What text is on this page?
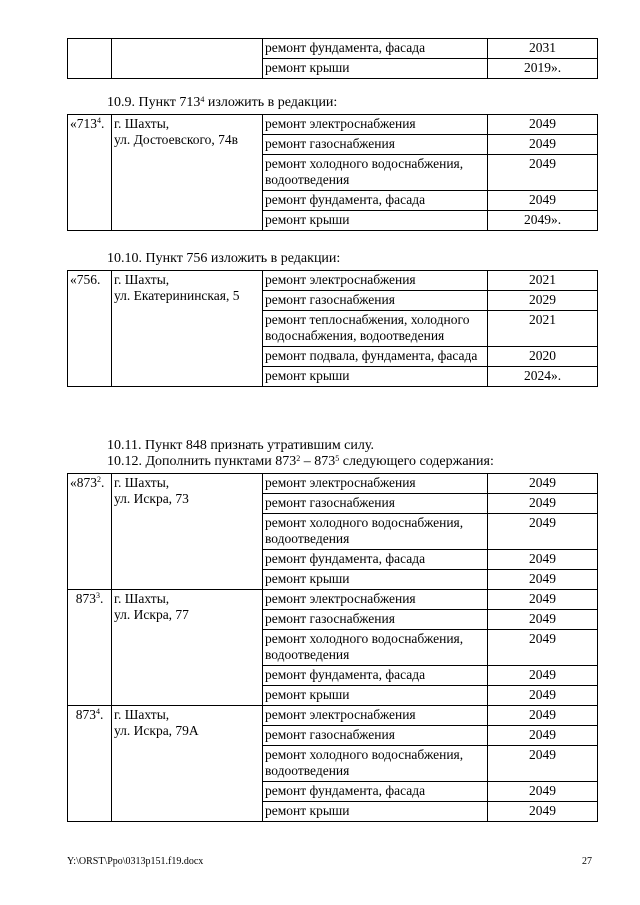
		ремонт фундамента, фасада	2031
		ремонт крыши	2019».
10.9. Пункт $713^4$ изложить в редакции:
«$713^4$.	г. Шахты,
ул. Достоевского, 74в	ремонт электроснабжения	2049
		ремонт газоснабжения	2049
		ремонт холодного водоснабжения, водоотведения	2049
		ремонт фундамента, фасада	2049
		ремонт крыши	2049».
10.10. Пункт 756 изложить в редакции:
«756.	г. Шахты,
ул. Екатерининская, 5	ремонт электроснабжения	2021
		ремонт газоснабжения	2029
		ремонт теплоснабжения, холодного водоснабжения, водоотведения	2021
		ремонт подвала, фундамента, фасада	2020
		ремонт крыши	2024».
10.11. Пункт 848 признать утратившим силу.
10.12. Дополнить пунктами $873^2 - 873^5$ следующего содержания:
«$873^2$.	г. Шахты,
ул. Искра, 73	ремонт электроснабжения	2049
		ремонт газоснабжения	2049
		ремонт холодного водоснабжения, водоотведения	2049
		ремонт фундамента, фасада	2049
		ремонт крыши	2049
$873^3$.	г. Шахты,
ул. Искра, 77	ремонт электроснабжения	2049
		ремонт газоснабжения	2049
		ремонт холодного водоснабжения, водоотведения	2049
		ремонт фундамента, фасада	2049
		ремонт крыши	2049
$873^4$.	г. Шахты,
ул. Искра, 79А	ремонт электроснабжения	2049
		ремонт газоснабжения	2049
		ремонт холодного водоснабжения, водоотведения	2049
		ремонт фундамента, фасада	2049
		ремонт крыши	2049
Y:\ORST\Ppo\0313p151.f19.docx	27
